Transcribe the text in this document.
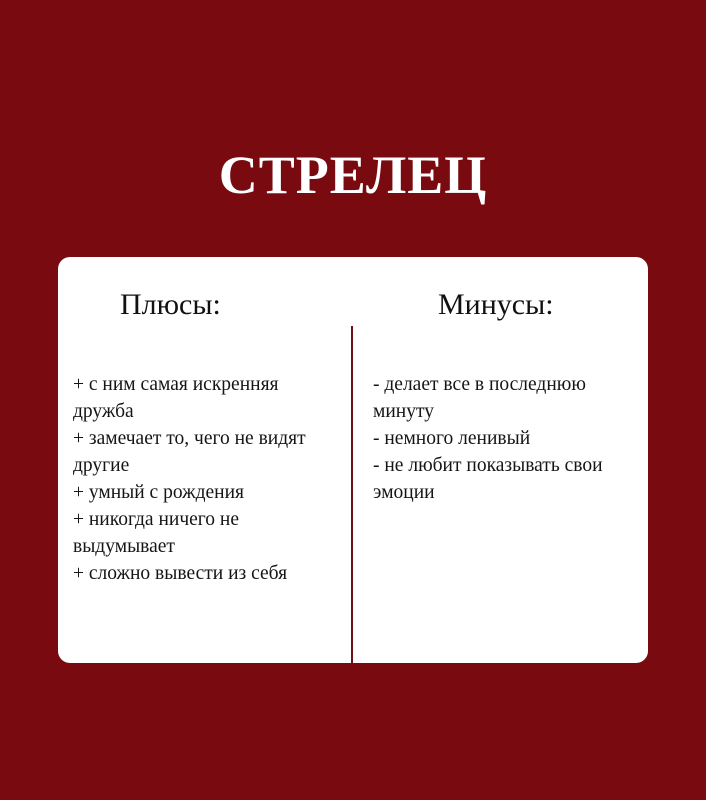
СТРЕЛЕЦ
Плюсы:	Минусы:
+ с ним самая искренняя дружба
+ замечает то, чего не видят другие
+ умный с рождения
+ никогда ничего не выдумывает
+ сложно вывести из себя
- делает все в последнюю минуту
- немного ленивый
- не любит показывать свои эмоции
